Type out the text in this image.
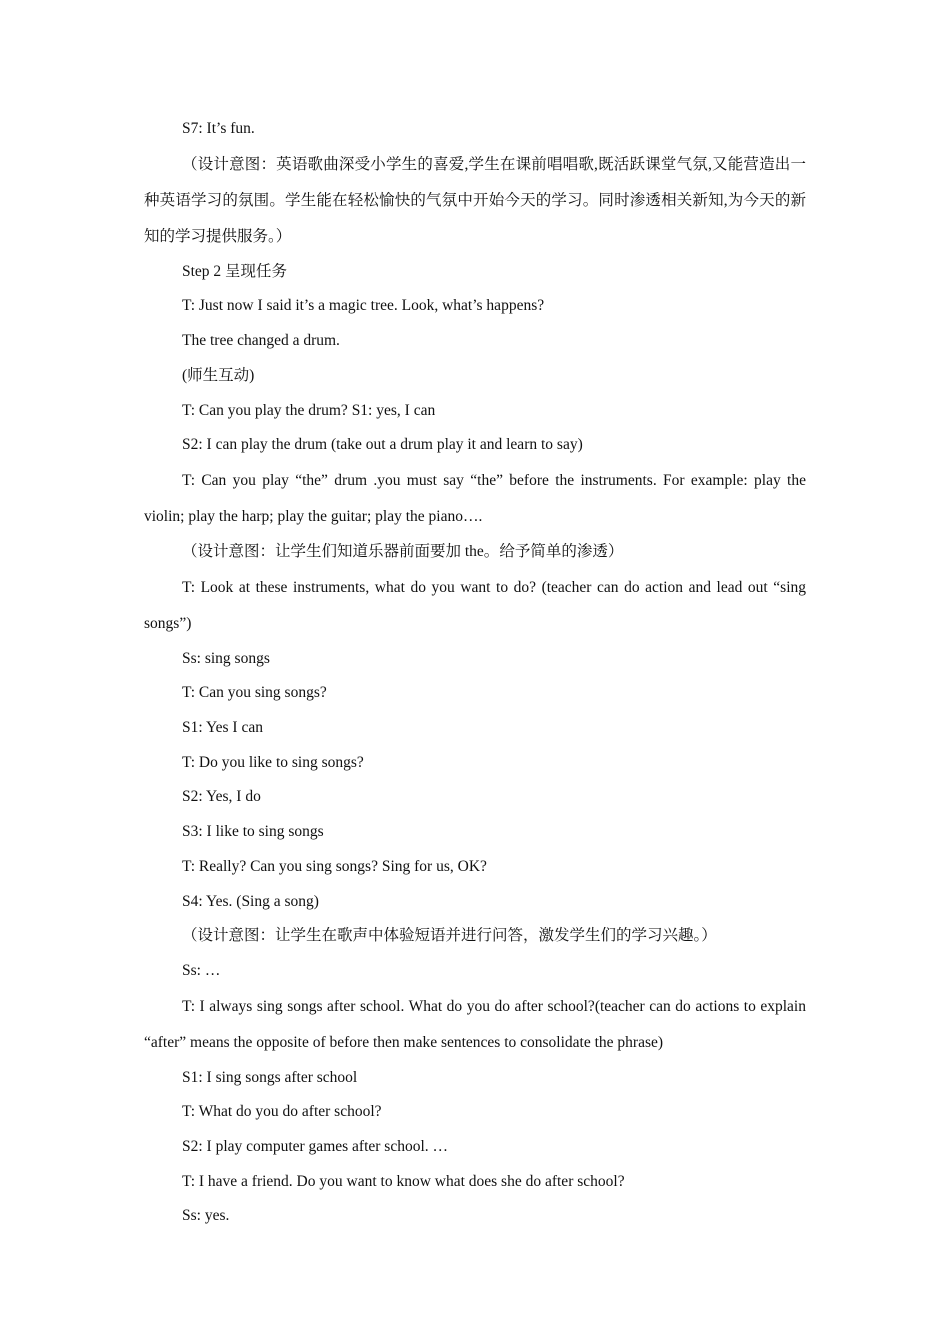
S7: It’s fun.

（设计意图：英语歌曲深受小学生的喜爱,学生在课前唱唱歌,既活跃课堂气氛,又能营造出一种英语学习的氛围。学生能在轻松愉快的气氛中开始今天的学习。同时渗透相关新知,为今天的新知的学习提供服务。）

Step 2 呈现任务

T: Just now I said it’s a magic tree. Look, what’s happens?

The tree changed a drum.

(师生互动)

T: Can you play the drum? S1: yes, I can

S2: I can play the drum (take out a drum play it and learn to say)

T: Can you play “the” drum .you must say “the” before the instruments. For example: play the violin; play the harp; play the guitar; play the piano….

（设计意图：让学生们知道乐器前面要加 the。给予简单的渗透）

T: Look at these instruments, what do you want to do? (teacher can do action and lead out “sing songs”)

Ss: sing songs

T: Can you sing songs?

S1: Yes I can

T: Do you like to sing songs?

S2: Yes, I do

S3: I like to sing songs

T: Really? Can you sing songs? Sing for us, OK?

S4: Yes. (Sing a song)

（设计意图：让学生在歌声中体验短语并进行问答，激发学生们的学习兴趣。）

Ss: …

T: I always sing songs after school. What do you do after school?(teacher can do actions to explain “after” means the opposite of before then make sentences to consolidate the phrase)

S1: I sing songs after school

T: What do you do after school?

S2: I play computer games after school. …

T: I have a friend. Do you want to know what does she do after school?

Ss: yes.
